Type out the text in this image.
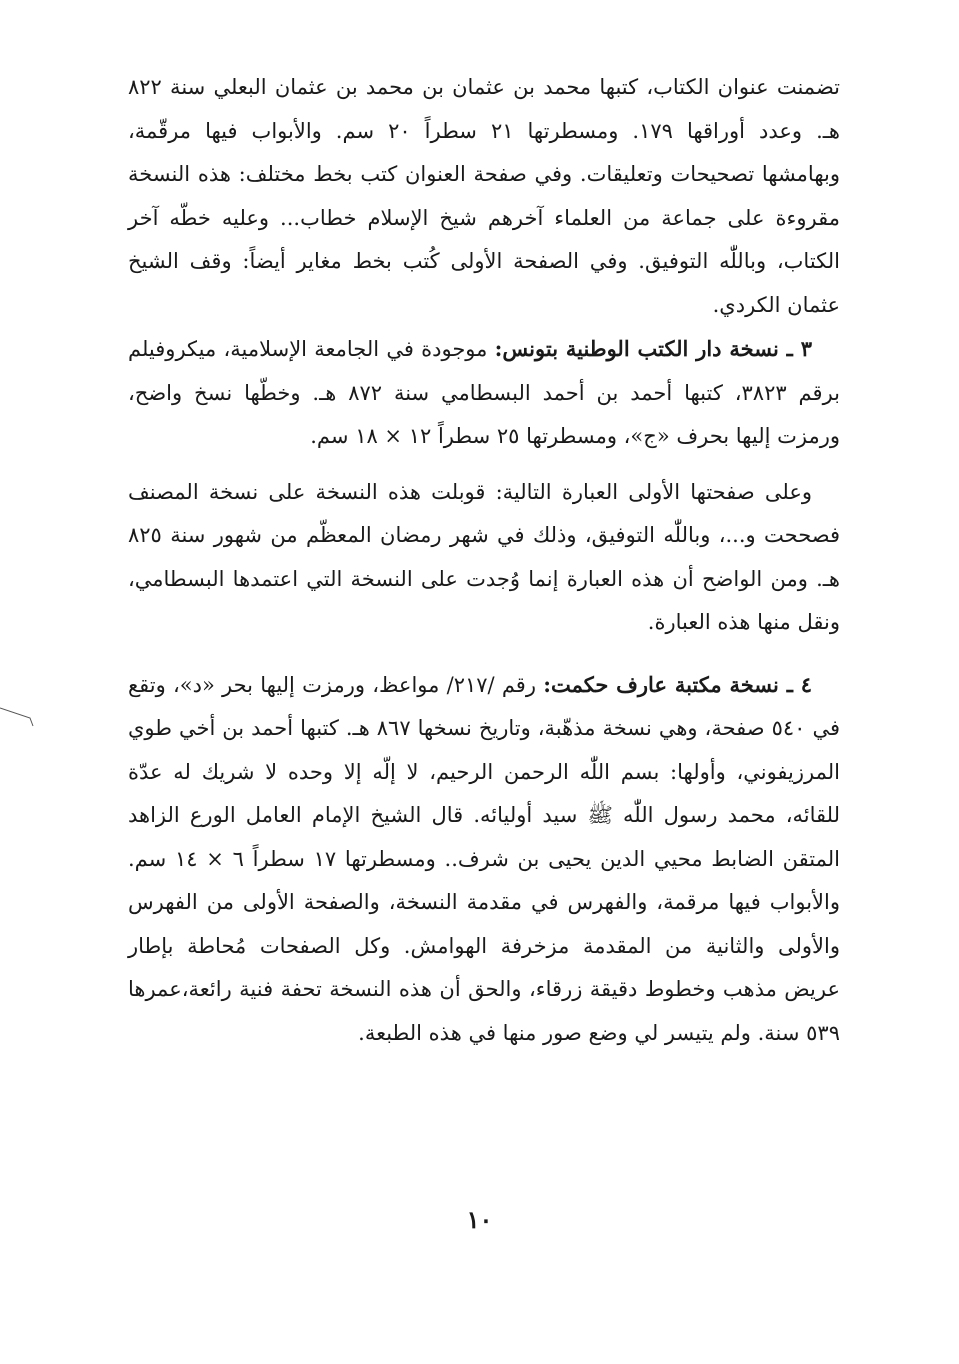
تضمنت عنوان الكتاب، كتبها محمد بن عثمان بن محمد بن عثمان البعلي سنة ٨٢٢ هـ. وعدد أوراقها ١٧٩. ومسطرتها ٢١ سطراً ٢٠ سم. والأبواب فيها مرقّمة، وبهامشها تصحيحات وتعليقات. وفي صفحة العنوان كتب بخط مختلف: هذه النسخة مقروءة على جماعة من العلماء آخرهم شيخ الإسلام خطاب... وعليه خطّه آخر الكتاب، وباللّٰه التوفيق. وفي الصفحة الأولى كُتب بخط مغاير أيضاً: وقف الشيخ عثمان الكردي.

٣ ـ نسخة دار الكتب الوطنية بتونس: موجودة في الجامعة الإسلامية، ميكروفيلم برقم ٣٨٢٣، كتبها أحمد بن أحمد البسطامي سنة ٨٧٢ هـ. وخطّها نسخ واضح، ورمزت إليها بحرف «ج»، ومسطرتها ٢٥ سطراً ١٢ × ١٨ سم.

وعلى صفحتها الأولى العبارة التالية: قوبلت هذه النسخة على نسخة المصنف فصححت و...، وباللّٰه التوفيق، وذلك في شهر رمضان المعظّم من شهور سنة ٨٢٥ هـ. ومن الواضح أن هذه العبارة إنما وُجدت على النسخة التي اعتمدها البسطامي، ونقل منها هذه العبارة.

٤ ـ نسخة مكتبة عارف حكمت: رقم /٢١٧/ مواعظ، ورمزت إليها بحر «د»، وتقع في ٥٤٠ صفحة، وهي نسخة مذهّبة، وتاريخ نسخها ٨٦٧ هـ. كتبها أحمد بن أخي طوي المرزيفوني، وأولها: بسم اللّٰه الرحمن الرحيم، لا إلّه إلا وحده لا شريك له عدّة للقائه، محمد رسول اللّٰه ﷺ سيد أوليائه. قال الشيخ الإمام العامل الورع الزاهد المتقن الضابط محيي الدين يحيى بن شرف.. ومسطرتها ١٧ سطراً ٦ × ١٤ سم. والأبواب فيها مرقمة، والفهرس في مقدمة النسخة، والصفحة الأولى من الفهرس والأولى والثانية من المقدمة مزخرفة الهوامش. وكل الصفحات مُحاطة بإطار عريض مذهب وخطوط دقيقة زرقاء، والحق أن هذه النسخة تحفة فنية رائعة،عمرها ٥٣٩ سنة. ولم يتيسر لي وضع صور منها في هذه الطبعة.

١٠
